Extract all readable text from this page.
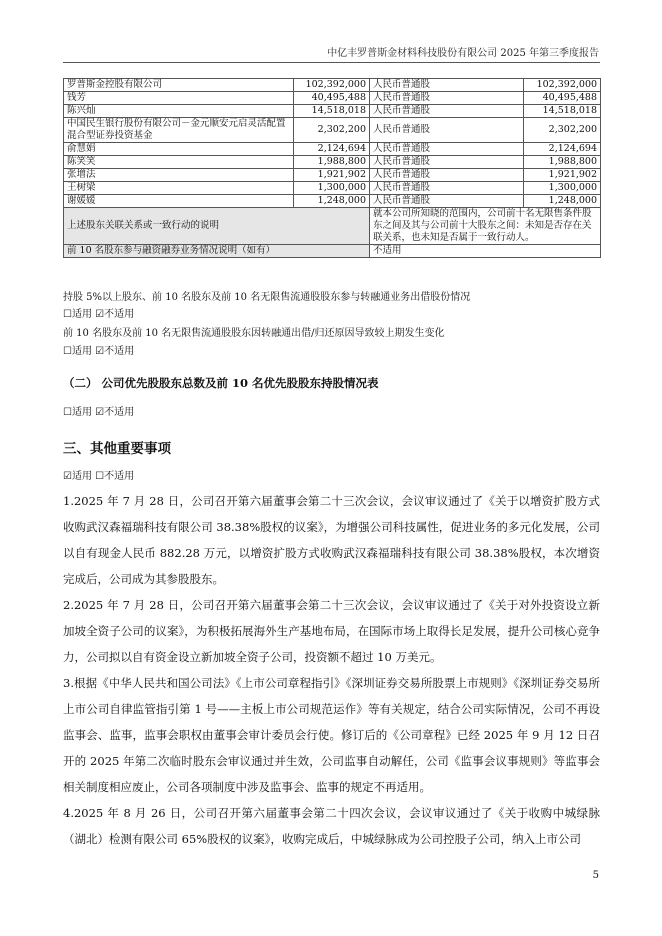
中亿丰罗普斯金材料科技股份有限公司 2025 年第三季度报告
罗普斯金控股有限公司	102,392,000	人民币普通股	102,392,000
钱芳	40,495,488	人民币普通股	40,495,488
陈兴灿	14,518,018	人民币普通股	14,518,018
中国民生银行股份有限公司－金元顺安元启灵活配置混合型证券投资基金	2,302,200	人民币普通股	2,302,200
俞慧娟	2,124,694	人民币普通股	2,124,694
陈笑笑	1,988,800	人民币普通股	1,988,800
张增法	1,921,902	人民币普通股	1,921,902
王树梁	1,300,000	人民币普通股	1,300,000
谢媛媛	1,248,000	人民币普通股	1,248,000
上述股东关联关系或一致行动的说明		就本公司所知晓的范围内，公司前十名无限售条件股东之间及其与公司前十大股东之间：未知是否存在关联关系，也未知是否属于一致行动人。	
前 10 名股东参与融资融券业务情况说明（如有）		不适用	
持股 5%以上股东、前 10 名股东及前 10 名无限售流通股股东参与转融通业务出借股份情况
☐适用 ☑不适用
前 10 名股东及前 10 名无限售流通股股东因转融通出借/归还原因导致较上期发生变化
☐适用 ☑不适用
（二） 公司优先股股东总数及前 10 名优先股股东持股情况表
☐适用 ☑不适用
三、其他重要事项
☑适用 ☐不适用
1.2025 年 7 月 28 日，公司召开第六届董事会第二十三次会议，会议审议通过了《关于以增资扩股方式收购武汉森福瑞科技有限公司 38.38%股权的议案》，为增强公司科技属性，促进业务的多元化发展，公司以自有现金人民币 882.28 万元，以增资扩股方式收购武汉森福瑞科技有限公司 38.38%股权，本次增资完成后，公司成为其参股股东。
2.2025 年 7 月 28 日，公司召开第六届董事会第二十三次会议，会议审议通过了《关于对外投资设立新加坡全资子公司的议案》，为积极拓展海外生产基地布局，在国际市场上取得长足发展，提升公司核心竞争力，公司拟以自有资金设立新加坡全资子公司，投资额不超过 10 万美元。
3.根据《中华人民共和国公司法》《上市公司章程指引》《深圳证券交易所股票上市规则》《深圳证券交易所上市公司自律监管指引第 1 号——主板上市公司规范运作》等有关规定，结合公司实际情况，公司不再设监事会、监事，监事会职权由董事会审计委员会行使。修订后的《公司章程》已经 2025 年 9 月 12 日召开的 2025 年第二次临时股东会审议通过并生效，公司监事自动解任，公司《监事会议事规则》等监事会相关制度相应废止，公司各项制度中涉及监事会、监事的规定不再适用。
4.2025 年 8 月 26 日，公司召开第六届董事会第二十四次会议，会议审议通过了《关于收购中城绿脉（湖北）检测有限公司 65%股权的议案》，收购完成后，中城绿脉成为公司控股子公司，纳入上市公司
5
